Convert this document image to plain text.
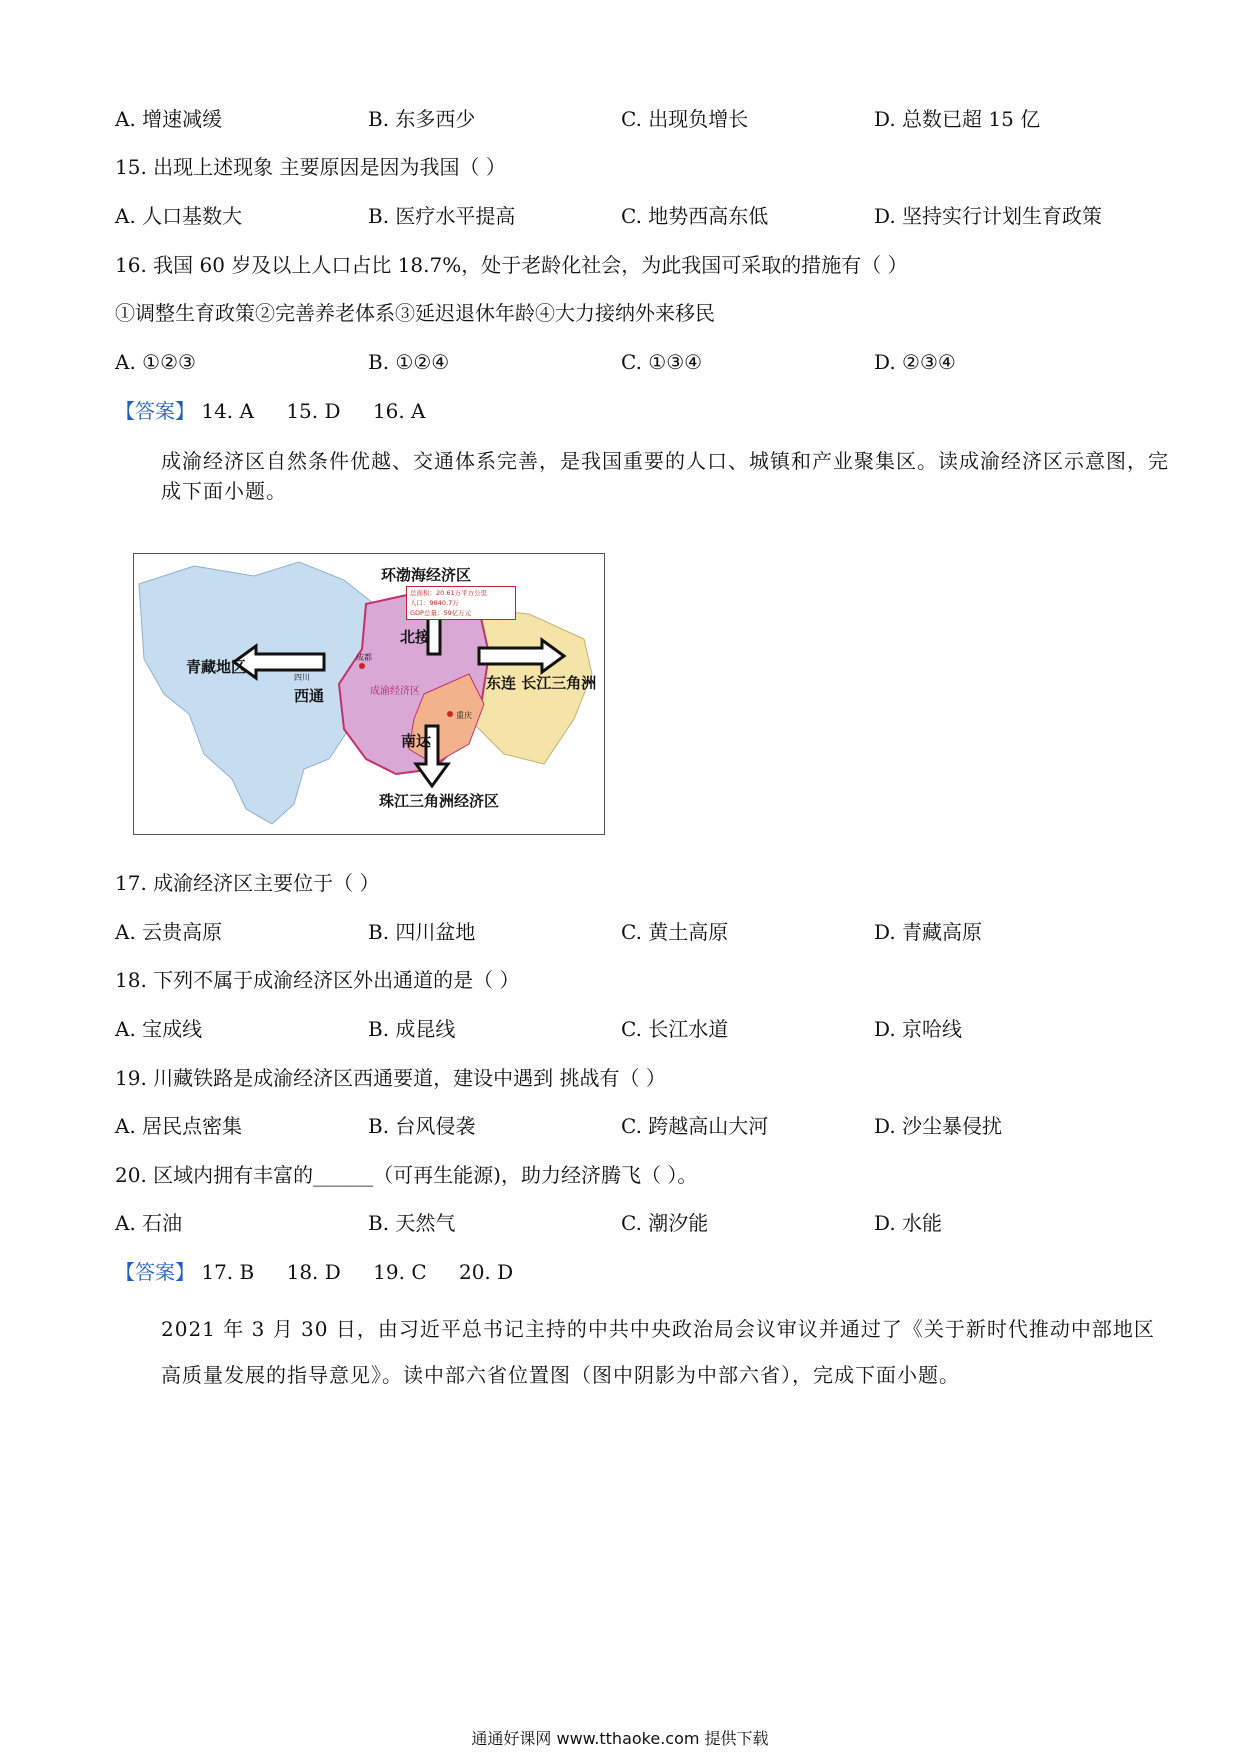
A. 增速减缓	B. 东多西少	C. 出现负增长	D. 总数已超 15 亿
15. 出现上述现象 主要原因是因为我国（ ）
A. 人口基数大	B. 医疗水平提高	C. 地势西高东低	D. 坚持实行计划生育政策
16. 我国 60 岁及以上人口占比 18.7%，处于老龄化社会，为此我国可采取的措施有（ ）
①调整生育政策②完善养老体系③延迟退休年龄④大力接纳外来移民
A. ①②③	B. ①②④	C. ①③④	D. ②③④
【答案】 14. A 15. D 16. A
成渝经济区自然条件优越、交通体系完善，是我国重要的人口、城镇和产业聚集区。读成渝经济区示意图，完成下面小题。
总面积：20.61万平方公里
人口：9840.7万
GDP总量：59亿万元
环渤海经济区
青藏地区
四川
西通
北接
东连 长江三角洲
成都
成渝经济区
重庆
南达
珠江三角洲经济区
17. 成渝经济区主要位于（ ）
A. 云贵高原	B. 四川盆地	C. 黄土高原	D. 青藏高原
18. 下列不属于成渝经济区外出通道的是（ ）
A. 宝成线	B. 成昆线	C. 长江水道	D. 京哈线
19. 川藏铁路是成渝经济区西通要道，建设中遇到 挑战有（ ）
A. 居民点密集	B. 台风侵袭	C. 跨越高山大河	D. 沙尘暴侵扰
20. 区域内拥有丰富的______（可再生能源)，助力经济腾飞（ ）。
A. 石油	B. 天然气	C. 潮汐能	D. 水能
【答案】 17. B 18. D 19. C 20. D
2021 年 3 月 30 日，由习近平总书记主持的中共中央政治局会议审议并通过了《关于新时代推动中部地区高质量发展的指导意见》。读中部六省位置图（图中阴影为中部六省），完成下面小题。
通通好课网 www.tthaoke.com 提供下载
